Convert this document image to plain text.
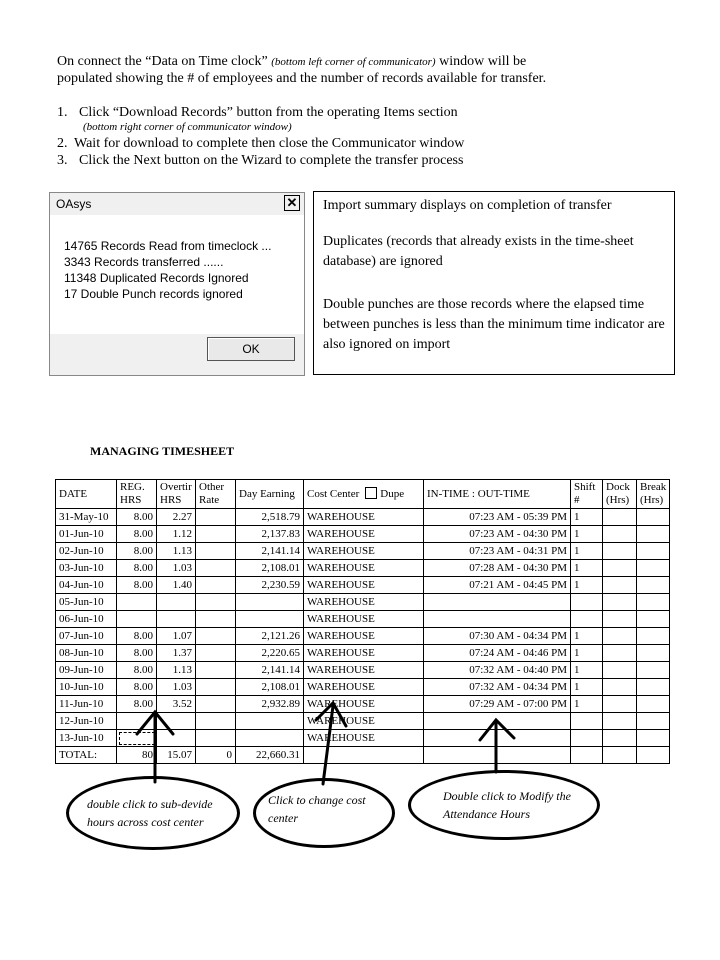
On connect the “Data on Time clock” (bottom left corner of communicator) window will be
populated showing the # of employees and the number of records available for transfer.
1. Click “Download Records” button from the operating Items section
(bottom right corner of communicator window)
2. Wait for download to complete then close the Communicator window
3. Click the Next button on the Wizard to complete the transfer process
OAsys	✕
14765 Records Read from timeclock ...
3343 Records transferred ......
11348 Duplicated Records Ignored
17 Double Punch records ignored
OK
Import summary displays on completion of transfer
Duplicates (records that already exists in the time-sheet database) are ignored
Double punches are those records where the elapsed time between punches is less than the minimum time indicator are also ignored on import
MANAGING TIMESHEET
DATE	REG. HRS	Overtir HRS	Other Rate	Day Earning	Cost Center Dupe	IN-TIME : OUT-TIME	Shift #	Dock (Hrs)	Break (Hrs)
31-May-10	8.00	2.27		2,518.79	WAREHOUSE	07:23 AM - 05:39 PM	1		
01-Jun-10	8.00	1.12		2,137.83	WAREHOUSE	07:23 AM - 04:30 PM	1		
02-Jun-10	8.00	1.13		2,141.14	WAREHOUSE	07:23 AM - 04:31 PM	1		
03-Jun-10	8.00	1.03		2,108.01	WAREHOUSE	07:28 AM - 04:30 PM	1		
04-Jun-10	8.00	1.40		2,230.59	WAREHOUSE	07:21 AM - 04:45 PM	1		
05-Jun-10					WAREHOUSE				
06-Jun-10					WAREHOUSE				
07-Jun-10	8.00	1.07		2,121.26	WAREHOUSE	07:30 AM - 04:34 PM	1		
08-Jun-10	8.00	1.37		2,220.65	WAREHOUSE	07:24 AM - 04:46 PM	1		
09-Jun-10	8.00	1.13		2,141.14	WAREHOUSE	07:32 AM - 04:40 PM	1		
10-Jun-10	8.00	1.03		2,108.01	WAREHOUSE	07:32 AM - 04:34 PM	1		
11-Jun-10	8.00	3.52		2,932.89	WAREHOUSE	07:29 AM - 07:00 PM	1		
12-Jun-10					WAREHOUSE				
13-Jun-10					WAREHOUSE				
TOTAL:	80	15.07	0	22,660.31					
double click to sub-devide hours across cost center
Click to change cost center
Double click to Modify the Attendance Hours
